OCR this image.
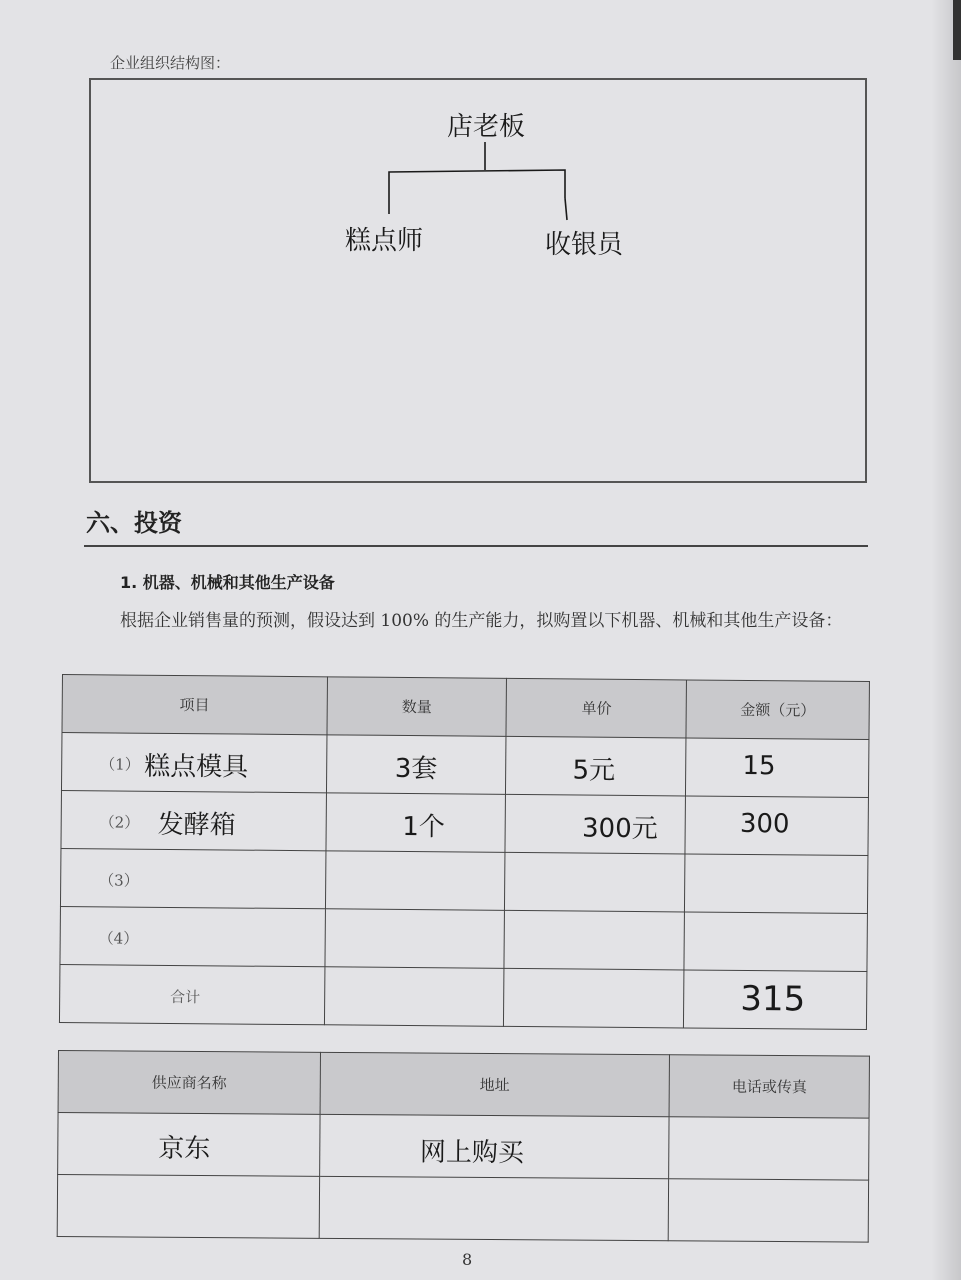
企业组织结构图：
店老板
糕点师	收银员
六、投资
1. 机器、机械和其他生产设备
根据企业销售量的预测，假设达到 100% 的生产能力，拟购置以下机器、机械和其他生产设备：
项目	数量	单价	金额（元）

（1） 糕点模具	3套	5元	15

（2） 发酵箱	1个	300元	300

（3）			

（4）			

合计			315
供应商名称	地址	电话或传真

京东	网上购买	

8
